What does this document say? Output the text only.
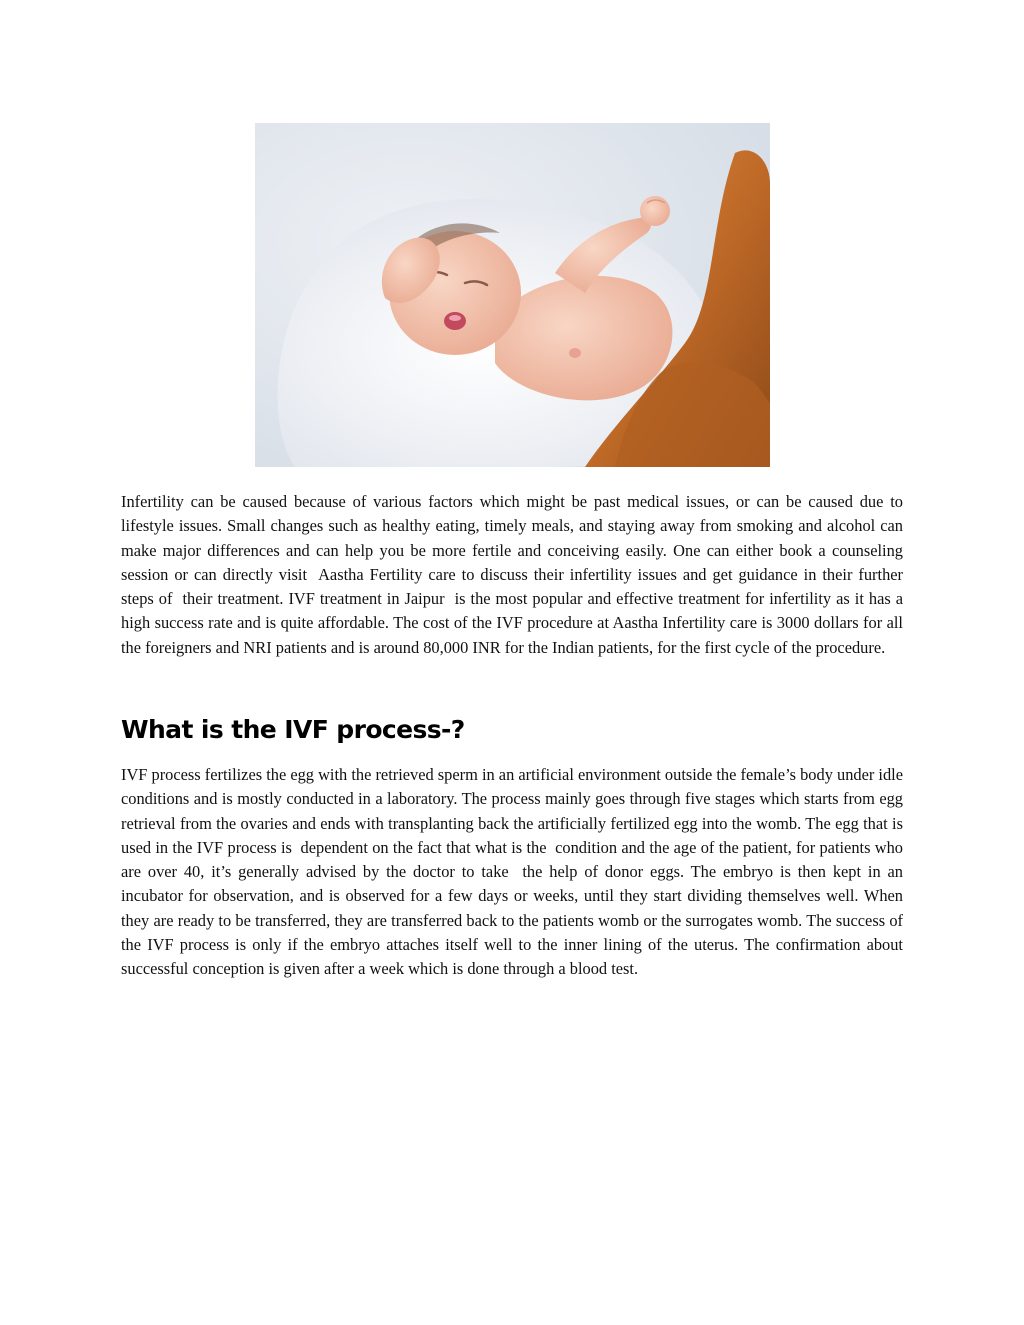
Infertility can be caused because of various factors which might be past medical issues, or can be caused due to lifestyle issues. Small changes such as healthy eating, timely meals, and staying away from smoking and alcohol can make major differences and can help you be more fertile and conceiving easily. One can either book a counseling session or can directly visit  Aastha Fertility care to discuss their infertility issues and get guidance in their further steps of  their treatment. IVF treatment in Jaipur  is the most popular and effective treatment for infertility as it has a high success rate and is quite affordable. The cost of the IVF procedure at Aastha Infertility care is 3000 dollars for all the foreigners and NRI patients and is around 80,000 INR for the Indian patients, for the first cycle of the procedure.

What is the IVF process-?

IVF process fertilizes the egg with the retrieved sperm in an artificial environment outside the female’s body under idle conditions and is mostly conducted in a laboratory. The process mainly goes through five stages which starts from egg retrieval from the ovaries and ends with transplanting back the artificially fertilized egg into the womb. The egg that is used in the IVF process is  dependent on the fact that what is the  condition and the age of the patient, for patients who are over 40, it’s generally advised by the doctor to take  the help of donor eggs. The embryo is then kept in an incubator for observation, and is observed for a few days or weeks, until they start dividing themselves well. When they are ready to be transferred, they are transferred back to the patients womb or the surrogates womb. The success of the IVF process is only if the embryo attaches itself well to the inner lining of the uterus. The confirmation about successful conception is given after a week which is done through a blood test.
